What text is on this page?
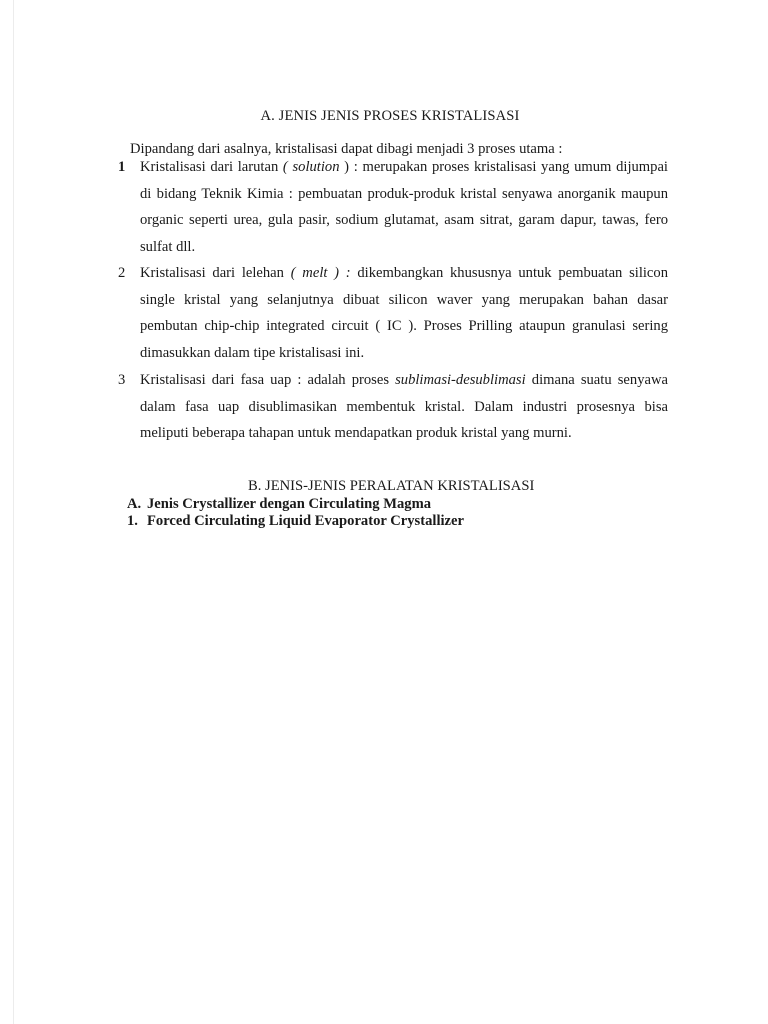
A. JENIS JENIS PROSES KRISTALISASI
Dipandang dari asalnya, kristalisasi dapat dibagi menjadi 3 proses utama :
1 Kristalisasi dari larutan ( solution ) : merupakan proses kristalisasi yang umum dijumpai di bidang Teknik Kimia : pembuatan produk-produk kristal senyawa anorganik maupun organic seperti urea, gula pasir, sodium glutamat, asam sitrat, garam dapur, tawas, fero sulfat dll.
2 Kristalisasi dari lelehan ( melt ) : dikembangkan khususnya untuk pembuatan silicon single kristal yang selanjutnya dibuat silicon waver yang merupakan bahan dasar pembutan chip-chip integrated circuit ( IC ). Proses Prilling ataupun granulasi sering dimasukkan dalam tipe kristalisasi ini.
3 Kristalisasi dari fasa uap : adalah proses sublimasi-desublimasi dimana suatu senyawa dalam fasa uap disublimasikan membentuk kristal. Dalam industri prosesnya bisa meliputi beberapa tahapan untuk mendapatkan produk kristal yang murni.
B. JENIS-JENIS PERALATAN KRISTALISASI
A. Jenis Crystallizer dengan Circulating Magma
1. Forced Circulating Liquid Evaporator Crystallizer
